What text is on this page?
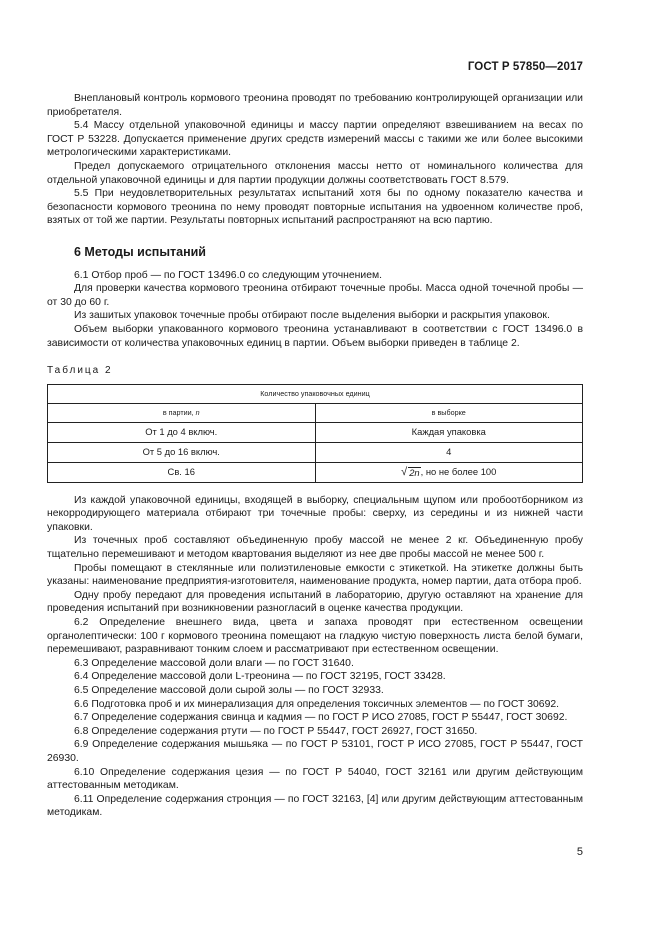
ГОСТ Р 57850—2017

Внеплановый контроль кормового треонина проводят по требованию контролирующей организации или приобретателя.

5.4 Массу отдельной упаковочной единицы и массу партии определяют взвешиванием на весах по ГОСТ Р 53228. Допускается применение других средств измерений массы с такими же или более высокими метрологическими характеристиками.

Предел допускаемого отрицательного отклонения массы нетто от номинального количества для отдельной упаковочной единицы и для партии продукции должны соответствовать ГОСТ 8.579.

5.5 При неудовлетворительных результатах испытаний хотя бы по одному показателю качества и безопасности кормового треонина по нему проводят повторные испытания на удвоенном количестве проб, взятых от той же партии. Результаты повторных испытаний распространяют на всю партию.

6 Методы испытаний

6.1 Отбор проб — по ГОСТ 13496.0 со следующим уточнением.

Для проверки качества кормового треонина отбирают точечные пробы. Масса одной точечной пробы — от 30 до 60 г.

Из зашитых упаковок точечные пробы отбирают после выделения выборки и раскрытия упаковок.

Объем выборки упакованного кормового треонина устанавливают в соответствии с ГОСТ 13496.0 в зависимости от количества упаковочных единиц в партии. Объем выборки приведен в таблице 2.

Таблица 2
Количество упаковочных единиц	
в партии, n	в выборке
От 1 до 4 включ.	Каждая упаковка
От 5 до 16 включ.	4
Св. 16	√ 2n , но не более 100

Из каждой упаковочной единицы, входящей в выборку, специальным щупом или пробоотборником из некорродирующего материала отбирают три точечные пробы: сверху, из середины и из нижней части упаковки.

Из точечных проб составляют объединенную пробу массой не менее 2 кг. Объединенную пробу тщательно перемешивают и методом квартования выделяют из нее две пробы массой не менее 500 г.

Пробы помещают в стеклянные или полиэтиленовые емкости с этикеткой. На этикетке должны быть указаны: наименование предприятия-изготовителя, наименование продукта, номер партии, дата отбора проб.

Одну пробу передают для проведения испытаний в лабораторию, другую оставляют на хранение для проведения испытаний при возникновении разногласий в оценке качества продукции.

6.2 Определение внешнего вида, цвета и запаха проводят при естественном освещении органолептически: 100 г кормового треонина помещают на гладкую чистую поверхность листа белой бумаги, перемешивают, разравнивают тонким слоем и рассматривают при естественном освещении.

6.3 Определение массовой доли влаги — по ГОСТ 31640.

6.4 Определение массовой доли L-треонина — по ГОСТ 32195, ГОСТ 33428.

6.5 Определение массовой доли сырой золы — по ГОСТ 32933.

6.6 Подготовка проб и их минерализация для определения токсичных элементов — по ГОСТ 30692.

6.7 Определение содержания свинца и кадмия — по ГОСТ Р ИСО 27085, ГОСТ Р 55447, ГОСТ 30692.

6.8 Определение содержания ртути — по ГОСТ Р 55447, ГОСТ 26927, ГОСТ 31650.

6.9 Определение содержания мышьяка — по ГОСТ Р 53101, ГОСТ Р ИСО 27085, ГОСТ Р 55447, ГОСТ 26930.

6.10 Определение содержания цезия — по ГОСТ Р 54040, ГОСТ 32161 или другим действующим аттестованным методикам.

6.11 Определение содержания стронция — по ГОСТ 32163, [4] или другим действующим аттестованным методикам.

5
